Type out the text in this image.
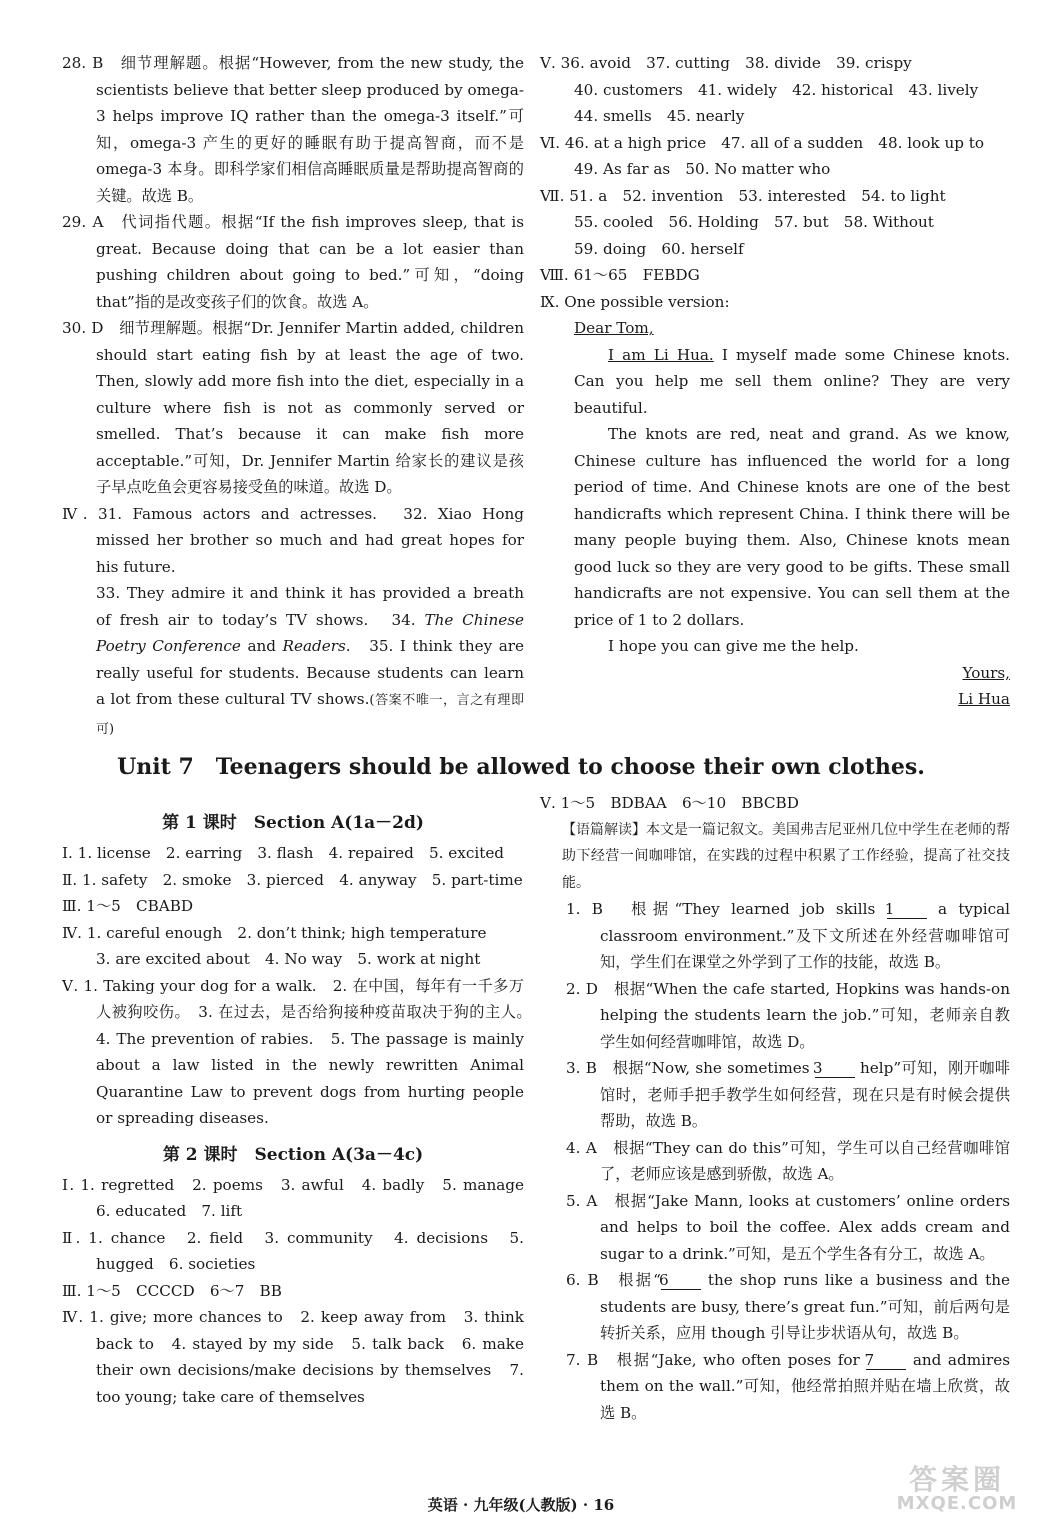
28. B　细节理解题。根据“However, from the new study, the scientists believe that better sleep produced by omega-3 helps improve IQ rather than the omega-3 itself.”可知，omega-3 产生的更好的睡眠有助于提高智商，而不是 omega-3 本身。即科学家们相信高睡眠质量是帮助提高智商的关键。故选 B。

29. A　代词指代题。根据“If the fish improves sleep, that is great. Because doing that can be a lot easier than pushing children about going to bed.”可知，“doing that”指的是改变孩子们的饮食。故选 A。

30. D　细节理解题。根据“Dr. Jennifer Martin added, children should start eating fish by at least the age of two. Then, slowly add more fish into the diet, especially in a culture where fish is not as commonly served or smelled. That’s because it can make fish more acceptable.”可知，Dr. Jennifer Martin 给家长的建议是孩子早点吃鱼会更容易接受鱼的味道。故选 D。

Ⅳ. 31. Famous actors and actresses.　32. Xiao Hong missed her brother so much and had great hopes for his future.

33. They admire it and think it has provided a breath of fresh air to today’s TV shows.　34. The Chinese Poetry Conference and Readers.　35. I think they are really useful for students. Because students can learn a lot from these cultural TV shows.(答案不唯一，言之有理即可)

Ⅴ. 36. avoid　37. cutting　38. divide　39. crispy

40. customers　41. widely　42. historical　43. lively

44. smells　45. nearly

Ⅵ. 46. at a high price　47. all of a sudden　48. look up to

49. As far as　50. No matter who

Ⅶ. 51. a　52. invention　53. interested　54. to light

55. cooled　56. Holding　57. but　58. Without

59. doing　60. herself

Ⅷ. 61～65　FEBDG

Ⅸ. One possible version:

Dear Tom,

I am Li Hua. I myself made some Chinese knots. Can you help me sell them online? They are very beautiful.

The knots are red, neat and grand. As we know, Chinese culture has influenced the world for a long period of time. And Chinese knots are one of the best handicrafts which represent China. I think there will be many people buying them. Also, Chinese knots mean good luck so they are very good to be gifts. These small handicrafts are not expensive. You can sell them at the price of 1 to 2 dollars.

I hope you can give me the help.

Yours,

Li Hua

Unit 7　Teenagers should be allowed to choose their own clothes.

第 1 课时　Section A(1a－2d)

Ⅰ. 1. license　2. earring　3. flash　4. repaired　5. excited

Ⅱ. 1. safety　2. smoke　3. pierced　4. anyway　5. part-time

Ⅲ. 1～5　CBABD

Ⅳ. 1. careful enough　2. don’t think; high temperature

3. are excited about　4. No way　5. work at night

Ⅴ. 1. Taking your dog for a walk.　2. 在中国，每年有一千多万人被狗咬伤。　3. 在过去，是否给狗接种疫苗取决于狗的主人。　4. The prevention of rabies.　5. The passage is mainly about a law listed in the newly rewritten Animal Quarantine Law to prevent dogs from hurting people or spreading diseases.

第 2 课时　Section A(3a－4c)

Ⅰ. 1. regretted　2. poems　3. awful　4. badly　5. manage　6. educated　7. lift

Ⅱ. 1. chance　2. field　3. community　4. decisions　5. hugged　6. societies

Ⅲ. 1～5　CCCCD　6～7　BB

Ⅳ. 1. give; more chances to　2. keep away from　3. think back to　4. stayed by my side　5. talk back　6. make their own decisions/make decisions by themselves　7. too young; take care of themselves

Ⅴ. 1～5　BDBAA　6～10　BBCBD

【语篇解读】本文是一篇记叙文。美国弗吉尼亚州几位中学生在老师的帮助下经营一间咖啡馆，在实践的过程中积累了工作经验，提高了社交技能。

1. B　根据“They learned job skills 1 a typical classroom environment.”及下文所述在外经营咖啡馆可知，学生们在课堂之外学到了工作的技能，故选 B。

2. D　根据“When the cafe started, Hopkins was hands-on helping the students learn the job.”可知，老师亲自教学生如何经营咖啡馆，故选 D。

3. B　根据“Now, she sometimes 3 help”可知，刚开咖啡馆时，老师手把手教学生如何经营，现在只是有时候会提供帮助，故选 B。

4. A　根据“They can do this”可知，学生可以自己经营咖啡馆了，老师应该是感到骄傲，故选 A。

5. A　根据“Jake Mann, looks at customers’ online orders and helps to boil the coffee. Alex adds cream and sugar to a drink.”可知，是五个学生各有分工，故选 A。

6. B　根据“6 the shop runs like a business and the students are busy, there’s great fun.”可知，前后两句是转折关系，应用 though 引导让步状语从句，故选 B。

7. B　根据“Jake, who often poses for 7 and admires them on the wall.”可知，他经常拍照并贴在墙上欣赏，故选 B。

英语 · 九年级(人教版) · 16
答案圈
MXQE.COM
